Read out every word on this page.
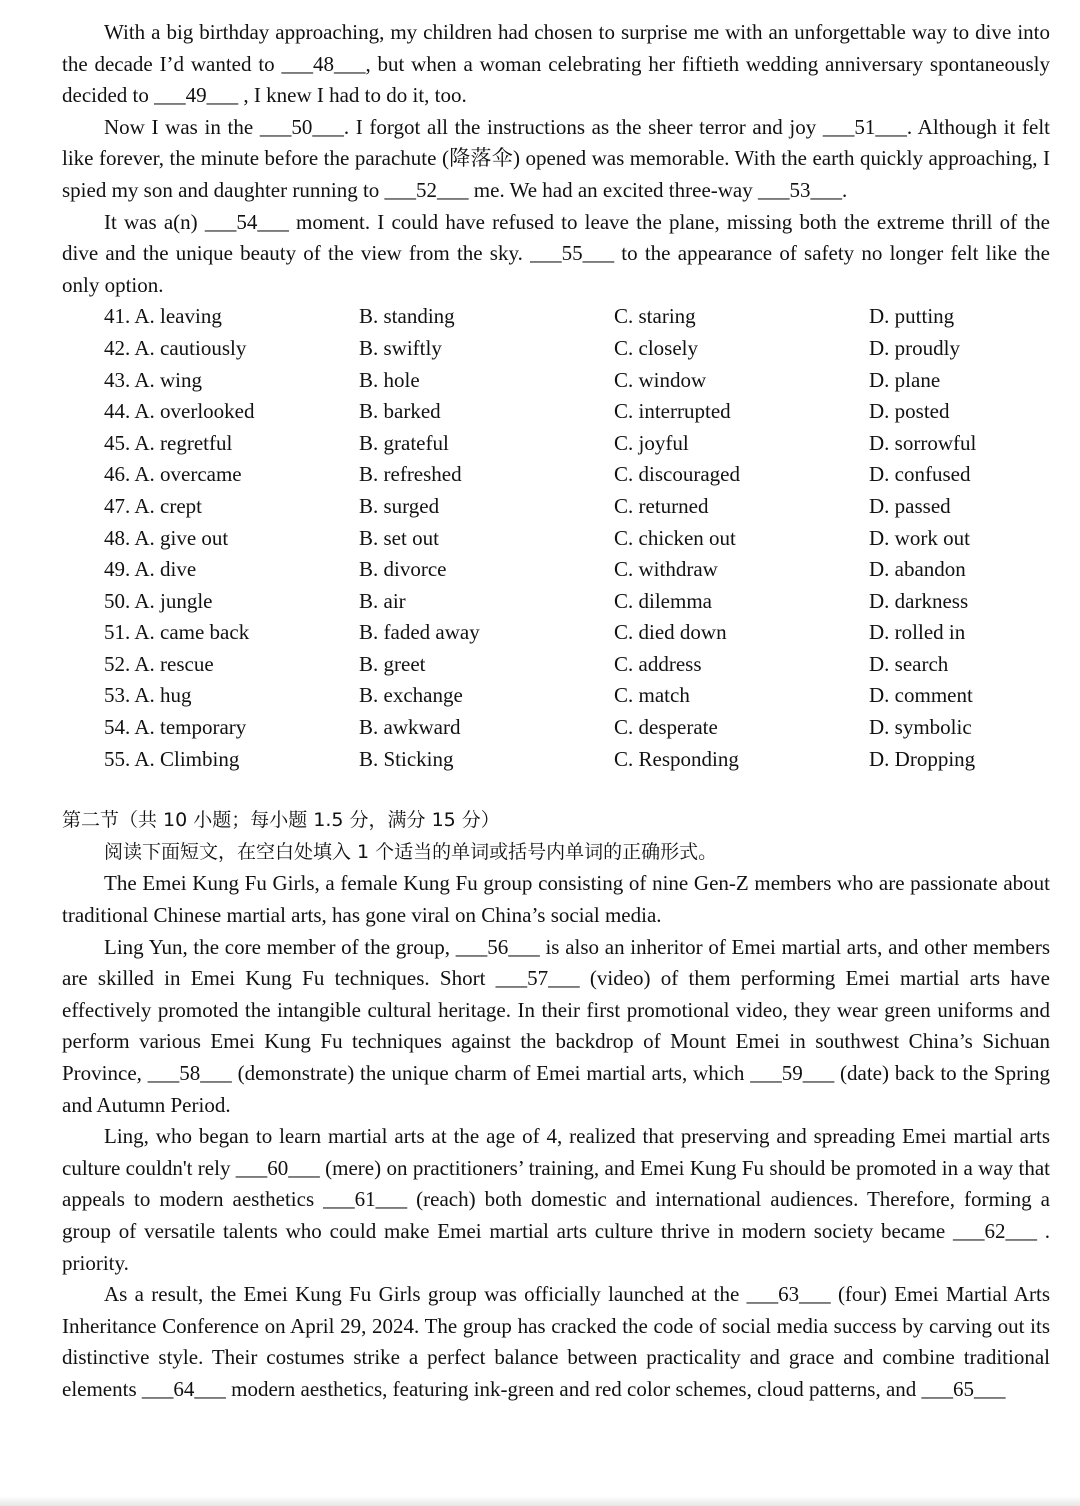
With a big birthday approaching, my children had chosen to surprise me with an unforgettable way to dive into the decade I’d wanted to ___48___, but when a woman celebrating her fiftieth wedding anniversary spontaneously decided to ___49___ , I knew I had to do it, too.

Now I was in the ___50___. I forgot all the instructions as the sheer terror and joy ___51___. Although it felt like forever, the minute before the parachute (降落伞) opened was memorable. With the earth quickly approaching, I spied my son and daughter running to ___52___ me. We had an excited three-way ___53___.

It was a(n) ___54___ moment. I could have refused to leave the plane, missing both the extreme thrill of the dive and the unique beauty of the view from the sky. ___55___ to the appearance of safety no longer felt like the only option.

41. A. leaving	B. standing	C. staring	D. putting
42. A. cautiously	B. swiftly	C. closely	D. proudly
43. A. wing	B. hole	C. window	D. plane
44. A. overlooked	B. barked	C. interrupted	D. posted
45. A. regretful	B. grateful	C. joyful	D. sorrowful
46. A. overcame	B. refreshed	C. discouraged	D. confused
47. A. crept	B. surged	C. returned	D. passed
48. A. give out	B. set out	C. chicken out	D. work out
49. A. dive	B. divorce	C. withdraw	D. abandon
50. A. jungle	B. air	C. dilemma	D. darkness
51. A. came back	B. faded away	C. died down	D. rolled in
52. A. rescue	B. greet	C. address	D. search
53. A. hug	B. exchange	C. match	D. comment
54. A. temporary	B. awkward	C. desperate	D. symbolic
55. A. Climbing	B. Sticking	C. Responding	D. Dropping
第二节（共 10 小题；每小题 1.5 分，满分 15 分）
阅读下面短文，在空白处填入 1 个适当的单词或括号内单词的正确形式。

The Emei Kung Fu Girls, a female Kung Fu group consisting of nine Gen-Z members who are passionate about traditional Chinese martial arts, has gone viral on China’s social media.

Ling Yun, the core member of the group, ___56___ is also an inheritor of Emei martial arts, and other members are skilled in Emei Kung Fu techniques. Short ___57___ (video) of them performing Emei martial arts have effectively promoted the intangible cultural heritage. In their first promotional video, they wear green uniforms and perform various Emei Kung Fu techniques against the backdrop of Mount Emei in southwest China’s Sichuan Province, ___58___ (demonstrate) the unique charm of Emei martial arts, which ___59___ (date) back to the Spring and Autumn Period.

Ling, who began to learn martial arts at the age of 4, realized that preserving and spreading Emei martial arts culture couldn't rely ___60___ (mere) on practitioners’ training, and Emei Kung Fu should be promoted in a way that appeals to modern aesthetics ___61___ (reach) both domestic and international audiences. Therefore, forming a group of versatile talents who could make Emei martial arts culture thrive in modern society became ___62___ . priority.

As a result, the Emei Kung Fu Girls group was officially launched at the ___63___ (four) Emei Martial Arts Inheritance Conference on April 29, 2024. The group has cracked the code of social media success by carving out its distinctive style. Their costumes strike a perfect balance between practicality and grace and combine traditional elements ___64___ modern aesthetics, featuring ink-green and red color schemes, cloud patterns, and ___65___
